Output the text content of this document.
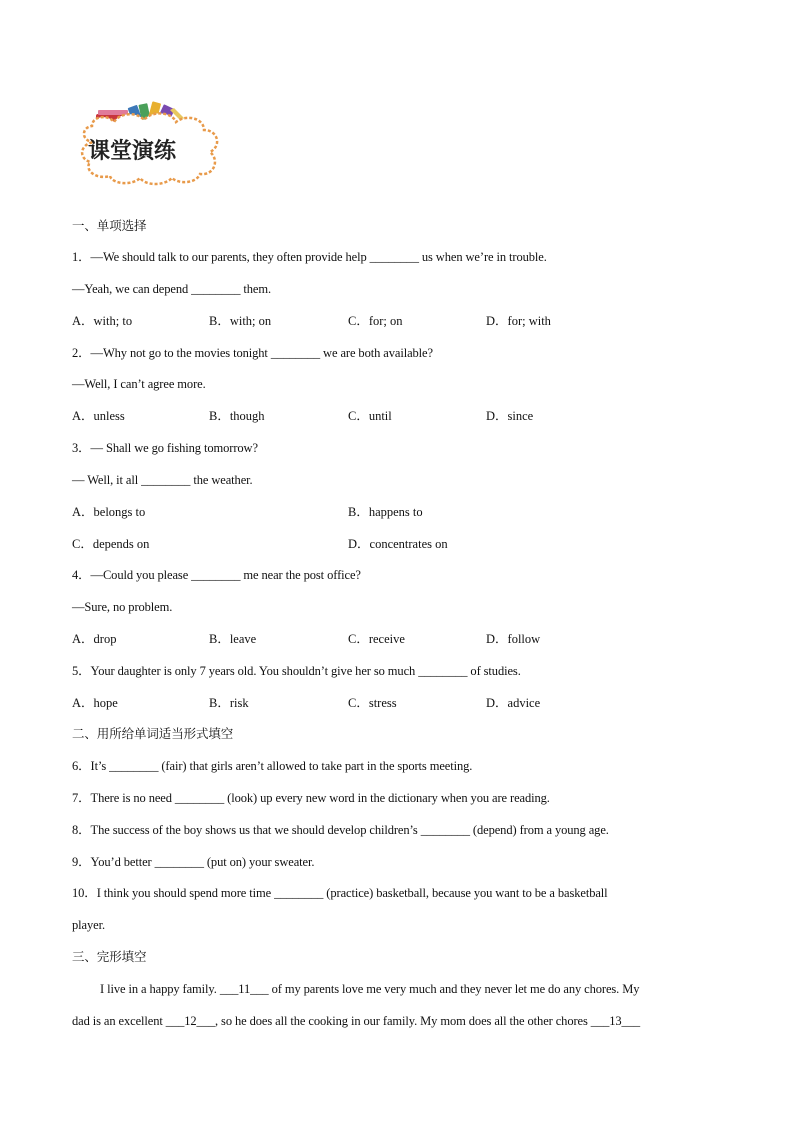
课堂演练
一、单项选择
1．—We should talk to our parents, they often provide help ________ us when we’re in trouble.
—Yeah, we can depend ________ them.
A．with; to	B．with; on	C．for; on	D．for; with
2．—Why not go to the movies tonight ________ we are both available?
—Well, I can’t agree more.
A．unless	B．though	C．until	D．since
3．— Shall we go fishing tomorrow?
— Well, it all ________ the weather.
A．belongs to	B．happens to
C．depends on	D．concentrates on
4．—Could you please ________ me near the post office?
—Sure, no problem.
A．drop	B．leave	C．receive	D．follow
5．Your daughter is only 7 years old. You shouldn’t give her so much ________ of studies.
A．hope	B．risk	C．stress	D．advice
二、用所给单词适当形式填空
6．It’s ________ (fair) that girls aren’t allowed to take part in the sports meeting.
7．There is no need ________ (look) up every new word in the dictionary when you are reading.
8．The success of the boy shows us that we should develop children’s ________ (depend) from a young age.
9．You’d better ________ (put on) your sweater.
10．I think you should spend more time ________ (practice) basketball, because you want to be a basketball
player.
三、完形填空
I live in a happy family. ___11___ of my parents love me very much and they never let me do any chores. My
dad is an excellent ___12___, so he does all the cooking in our family. My mom does all the other chores ___13___
